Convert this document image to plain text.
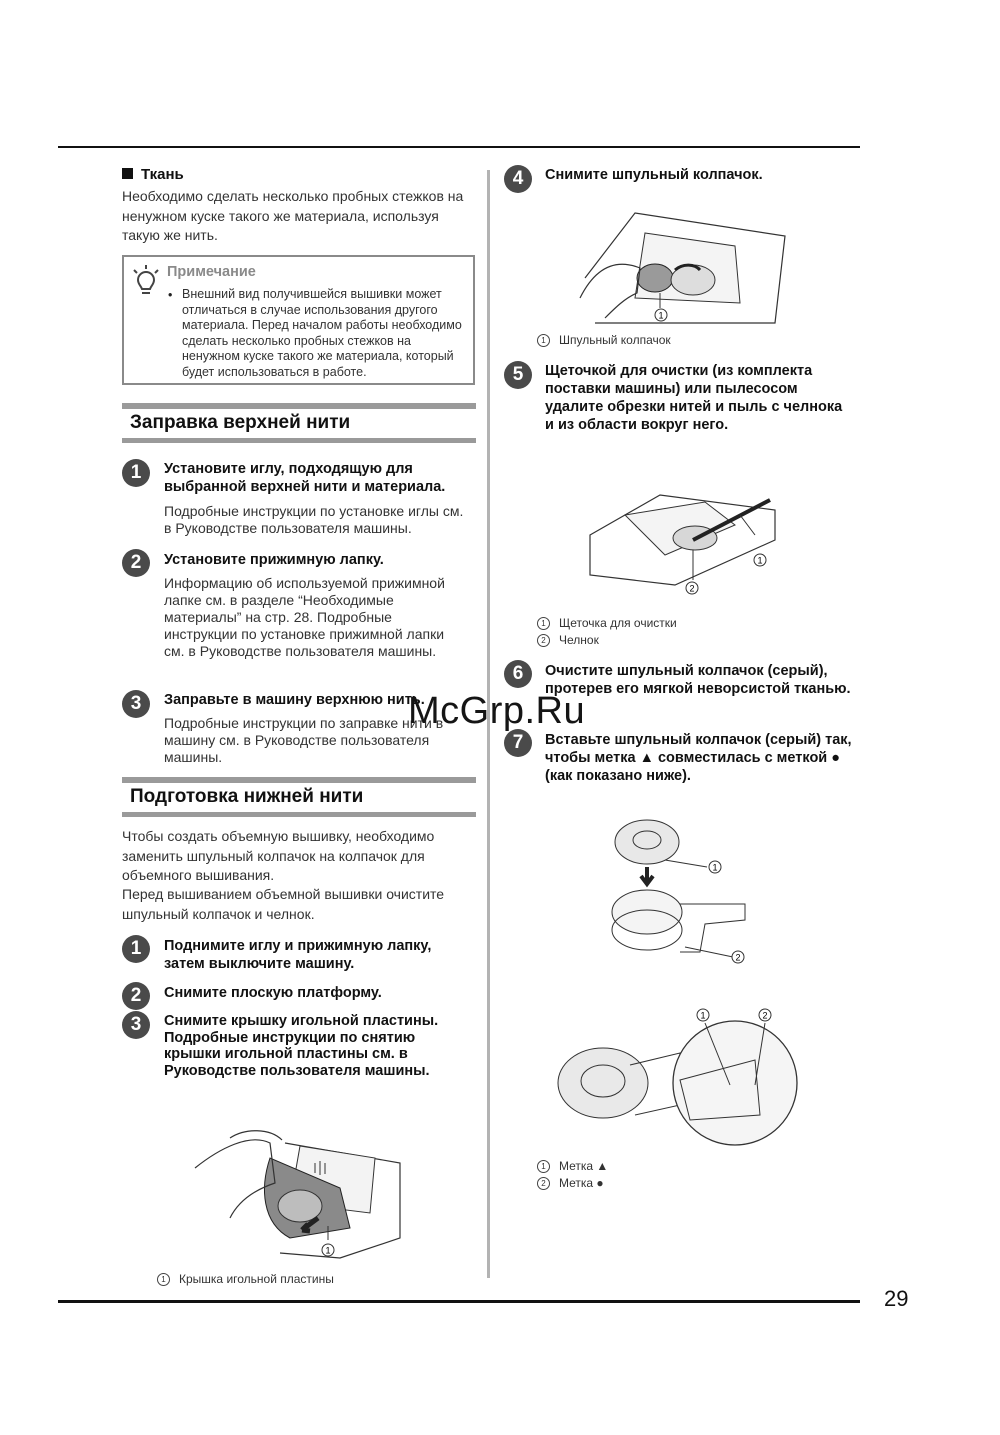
29
Ткань
Необходимо сделать несколько пробных стежков на ненужном куске такого же материала, используя такую же нить.
Примечание
• Внешний вид получившейся вышивки может отличаться в случае использования другого материала. Перед началом работы необходимо сделать несколько пробных стежков на ненужном куске такого же материала, который будет использоваться в работе.
Заправка верхней нити
1	Установите иглу, подходящую для выбранной верхней нити и материала.
Подробные инструкции по установке иглы см. в Руководстве пользователя машины.
2	Установите прижимную лапку.
Информацию об используемой прижимной лапке см. в разделе “Необходимые материалы” на стр. 28. Подробные инструкции по установке прижимной лапки см. в Руководстве пользователя машины.
3	Заправьте в машину верхнюю нить.
Подробные инструкции по заправке нити в машину см. в Руководстве пользователя машины.
Подготовка нижней нити
Чтобы создать объемную вышивку, необходимо заменить шпульный колпачок на колпачок для объемного вышивания.
Перед вышиванием объемной вышивки очистите шпульный колпачок и челнок.
1	Поднимите иглу и прижимную лапку, затем выключите машину.
2	Снимите плоскую платформу.
3	Снимите крышку игольной пластины. Подробные инструкции по снятию крышки игольной пластины см. в Руководстве пользователя машины.
1
1 Крышка игольной пластины
4	Снимите шпульный колпачок.
1
1 Шпульный колпачок
5	Щеточкой для очистки (из комплекта поставки машины) или пылесосом удалите обрезки нитей и пыль с челнока и из области вокруг него.
1
2
1 Щеточка для очистки
2 Челнок
6	Очистите шпульный колпачок (серый), протерев его мягкой неворсистой тканью.
7	Вставьте шпульный колпачок (серый) так, чтобы метка ▲ совместилась с меткой ● (как показано ниже).
1
2
1	2
1 Метка ▲
2 Метка ●
McGrp.Ru
